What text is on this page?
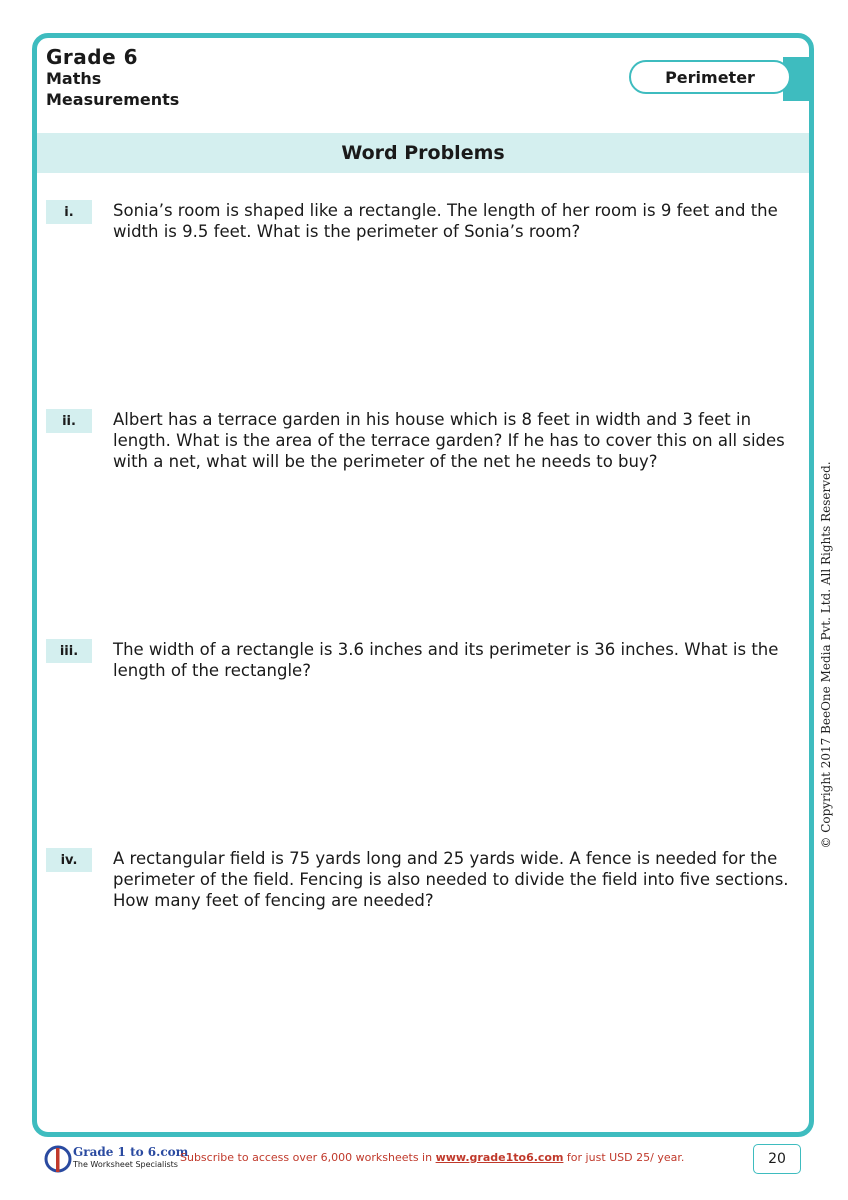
Grade 6
Maths
Measurements
Perimeter
Word Problems
i.	Sonia’s room is shaped like a rectangle. The length of her room is 9 feet and the width is 9.5 feet. What is the perimeter of Sonia’s room?

ii.	Albert has a terrace garden in his house which is 8 feet in width and 3 feet in length. What is the area of the terrace garden? If he has to cover this on all sides with a net, what will be the perimeter of the net he needs to buy?

iii.	The width of a rectangle is 3.6 inches and its perimeter is 36 inches. What is the length of the rectangle?

iv.	A rectangular field is 75 yards long and 25 yards wide. A fence is needed for the perimeter of the field. Fencing is also needed to divide the field into five sections. How many feet of fencing are needed?

© Copyright 2017 BeeOne Media Pvt. Ltd. All Rights Reserved.
Grade 1 to 6.com
The Worksheet Specialists
Subscribe to access over 6,000 worksheets in www.grade1to6.com for just USD 25/ year.	20
